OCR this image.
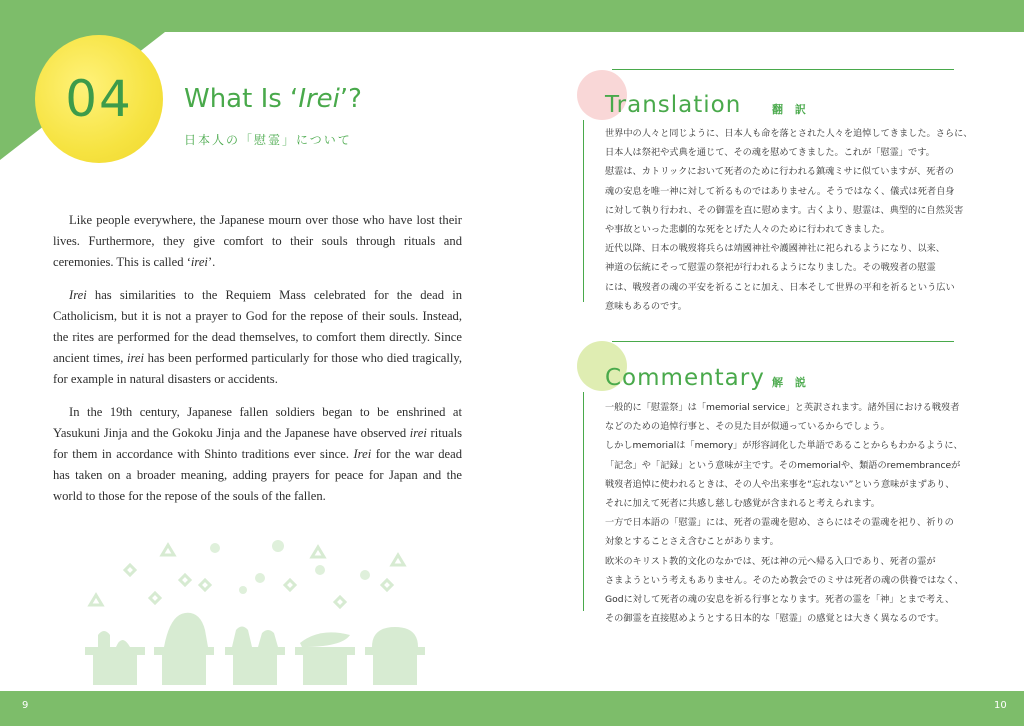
04 What Is ‘Irei’?
日本人の「慰霊」について

Like people everywhere, the Japanese mourn over those who have lost their lives. Furthermore, they give comfort to their souls through rituals and ceremonies. This is called ‘irei’.

Irei has similarities to the Requiem Mass celebrated for the dead in Catholicism, but it is not a prayer to God for the repose of their souls. Instead, the rites are performed for the dead themselves, to comfort them directly. Since ancient times, irei has been performed particularly for those who died tragically, for example in natural disasters or accidents.

In the 19th century, Japanese fallen soldiers began to be enshrined at Yasukuni Jinja and the Gokoku Jinja and the Japanese have observed irei rituals for them in accordance with Shinto traditions ever since. Irei for the war dead has taken on a broader meaning, adding prayers for peace for Japan and the world to those for the repose of the souls of the fallen.

Translation	翻 訳

世界中の人々と同じように、日本人も命を落とされた人々を追悼してきました。さらに、

日本人は祭祀や式典を通じて、その魂を慰めてきました。これが「慰霊」です。

慰霊は、カトリックにおいて死者のために行われる鎮魂ミサに似ていますが、死者の

魂の安息を唯一神に対して祈るものではありません。そうではなく、儀式は死者自身

に対して執り行われ、その御霊を直に慰めます。古くより、慰霊は、典型的に自然災害

や事故といった悲劇的な死をとげた人々のために行われてきました。

近代以降、日本の戦歿将兵らは靖國神社や護國神社に祀られるようになり、以来、

神道の伝統にそって慰霊の祭祀が行われるようになりました。その戦歿者の慰霊

には、戦歿者の魂の平安を祈ることに加え、日本そして世界の平和を祈るという広い

意味もあるのです。

Commentary 解 説

一般的に「慰霊祭」は「memorial service」と英訳されます。諸外国における戦歿者

などのための追悼行事と、その見た目が似通っているからでしょう。

しかしmemorialは「memory」が形容詞化した単語であることからもわかるように、

「記念」や「記録」という意味が主です。そのmemorialや、類語のremembranceが

戦歿者追悼に使われるときは、その人や出来事を“忘れない”という意味がまずあり、

それに加えて死者に共感し慈しむ感覚が含まれると考えられます。

一方で日本語の「慰霊」には、死者の霊魂を慰め、さらにはその霊魂を祀り、祈りの

対象とすることさえ含むことがあります。

欧米のキリスト教的文化のなかでは、死は神の元へ帰る入口であり、死者の霊が

さまようという考えもありません。そのため教会でのミサは死者の魂の供養ではなく、

Godに対して死者の魂の安息を祈る行事となります。死者の霊を「神」とまで考え、

その御霊を直接慰めようとする日本的な「慰霊」の感覚とは大きく異なるのです。

9	10
